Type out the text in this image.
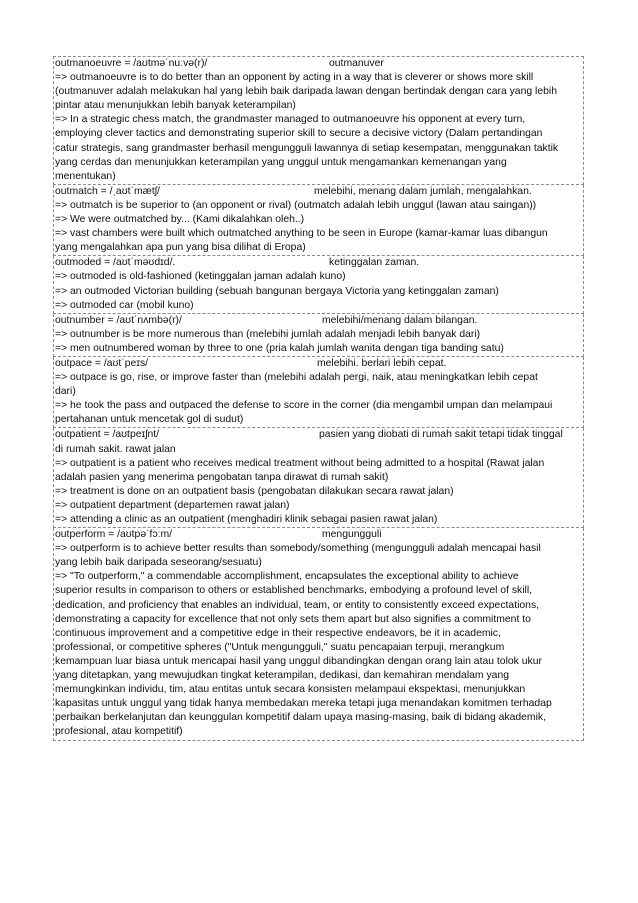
outmanoeuvre = /aʊtməˈnuːvə(r)/	outmanuver
=> outmanoeuvre is to do better than an opponent by acting in a way that is cleverer or shows more skill
(outmanuver adalah melakukan hal yang lebih baik daripada lawan dengan bertindak dengan cara yang lebih
pintar atau menunjukkan lebih banyak keterampilan)
=> In a strategic chess match, the grandmaster managed to outmanoeuvre his opponent at every turn,
employing clever tactics and demonstrating superior skill to secure a decisive victory (Dalam pertandingan
catur strategis, sang grandmaster berhasil mengungguli lawannya di setiap kesempatan, menggunakan taktik
yang cerdas dan menunjukkan keterampilan yang unggul untuk mengamankan kemenangan yang
menentukan)
outmatch = /ˌaʊtˈmætʃ/	melebihi, menang dalam jumlah, mengalahkan.
=> outmatch is be superior to (an opponent or rival) (outmatch adalah lebih unggul (lawan atau saingan))
=> We were outmatched by... (Kami dikalahkan oleh..)
=> vast chambers were built which outmatched anything to be seen in Europe (kamar-kamar luas dibangun
yang mengalahkan apa pun yang bisa dilihat di Eropa)
outmoded = /aʊtˈməʊdɪd/.	ketinggalan zaman.
=> outmoded is old-fashioned (ketinggalan jaman adalah kuno)
=> an outmoded Victorian building (sebuah bangunan bergaya Victoria yang ketinggalan zaman)
=> outmoded car (mobil kuno)
outnumber = /aʊtˈnʌmbə(r)/	melebihi/menang dalam bilangan.
=> outnumber is be more numerous than (melebihi jumlah adalah menjadi lebih banyak dari)
=> men outnumbered woman by three to one (pria kalah jumlah wanita dengan tiga banding satu)
outpace = /aʊtˈpeɪs/	melebihi. berlari lebih cepat.
=> outpace is go, rise, or improve faster than (melebihi adalah pergi, naik, atau meningkatkan lebih cepat
dari)
=> he took the pass and outpaced the defense to score in the corner (dia mengambil umpan dan melampaui
pertahanan untuk mencetak gol di sudut)
outpatient = /aʊtpeɪʃnt/	pasien yang diobati di rumah sakit tetapi tidak tinggal
di rumah sakit. rawat jalan
=> outpatient is a patient who receives medical treatment without being admitted to a hospital (Rawat jalan
adalah pasien yang menerima pengobatan tanpa dirawat di rumah sakit)
=> treatment is done on an outpatient basis (pengobatan dilakukan secara rawat jalan)
=> outpatient department (departemen rawat jalan)
=> attending a clinic as an outpatient (menghadiri klinik sebagai pasien rawat jalan)
outperform = /aʊtpəˈfɔːm/	mengungguli
=> outperform is to achieve better results than somebody/something (mengungguli adalah mencapai hasil
yang lebih baik daripada seseorang/sesuatu)
=> "To outperform," a commendable accomplishment, encapsulates the exceptional ability to achieve
superior results in comparison to others or established benchmarks, embodying a profound level of skill,
dedication, and proficiency that enables an individual, team, or entity to consistently exceed expectations,
demonstrating a capacity for excellence that not only sets them apart but also signifies a commitment to
continuous improvement and a competitive edge in their respective endeavors, be it in academic,
professional, or competitive spheres ("Untuk mengungguli," suatu pencapaian terpuji, merangkum
kemampuan luar biasa untuk mencapai hasil yang unggul dibandingkan dengan orang lain atau tolok ukur
yang ditetapkan, yang mewujudkan tingkat keterampilan, dedikasi, dan kemahiran mendalam yang
memungkinkan individu, tim, atau entitas untuk secara konsisten melampaui ekspektasi, menunjukkan
kapasitas untuk unggul yang tidak hanya membedakan mereka tetapi juga menandakan komitmen terhadap
perbaikan berkelanjutan dan keunggulan kompetitif dalam upaya masing-masing, baik di bidang akademik,
profesional, atau kompetitif)
